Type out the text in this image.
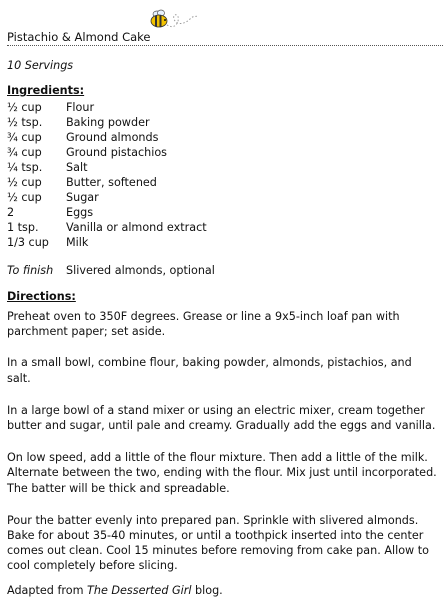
Pistachio & Almond Cake
10 Servings
Ingredients:
½ cup	Flour
½ tsp.	Baking powder
¾ cup	Ground almonds
¾ cup	Ground pistachios
¼ tsp.	Salt
½ cup	Butter, softened
½ cup	Sugar
2	Eggs
1 tsp.	Vanilla or almond extract
1/3 cup	Milk
To finish	Slivered almonds, optional
Directions:

Preheat oven to 350F degrees. Grease or line a 9x5-inch loaf pan with parchment paper; set aside.

In a small bowl, combine flour, baking powder, almonds, pistachios, and salt.

In a large bowl of a stand mixer or using an electric mixer, cream together butter and sugar, until pale and creamy. Gradually add the eggs and vanilla.

On low speed, add a little of the flour mixture. Then add a little of the milk. Alternate between the two, ending with the flour. Mix just until incorporated. The batter will be thick and spreadable.

Pour the batter evenly into prepared pan. Sprinkle with slivered almonds. Bake for about 35-40 minutes, or until a toothpick inserted into the center comes out clean. Cool 15 minutes before removing from cake pan. Allow to cool completely before slicing.

Adapted from The Desserted Girl blog.
